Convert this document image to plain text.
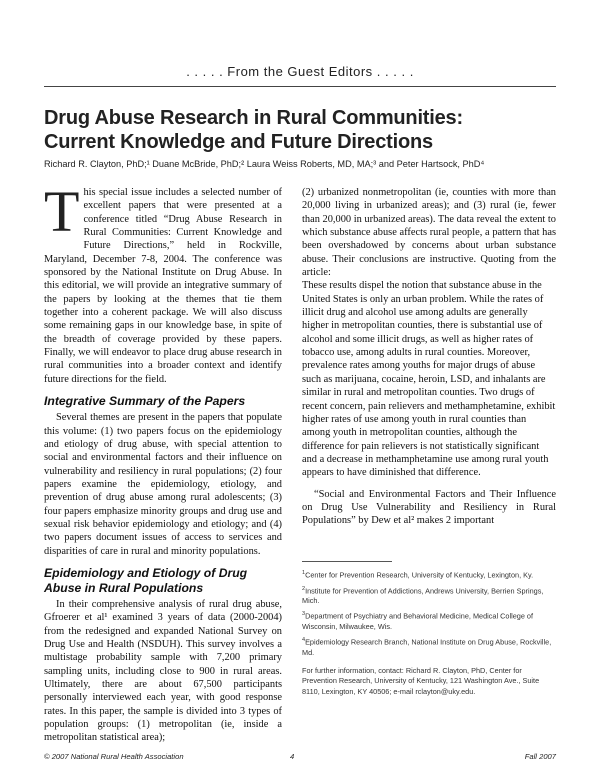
. . . . . From the Guest Editors . . . . .
Drug Abuse Research in Rural Communities:
Current Knowledge and Future Directions
Richard R. Clayton, PhD;¹ Duane McBride, PhD;² Laura Weiss Roberts, MD, MA;³ and Peter Hartsock, PhD⁴

This special issue includes a selected number of excellent papers that were presented at a conference titled “Drug Abuse Research in Rural Communities: Current Knowledge and Future Directions,” held in Rockville, Maryland, December 7-8, 2004. The conference was sponsored by the National Institute on Drug Abuse. In this editorial, we will provide an integrative summary of the papers by looking at the themes that tie them together into a coherent package. We will also discuss some remaining gaps in our knowledge base, in spite of the breadth of coverage provided by these papers. Finally, we will endeavor to place drug abuse research in rural communities into a broader context and identify future directions for the field.

Integrative Summary of the Papers

Several themes are present in the papers that populate this volume: (1) two papers focus on the epidemiology and etiology of drug abuse, with special attention to social and environmental factors and their influence on vulnerability and resiliency in rural populations; (2) four papers examine the epidemiology, etiology, and prevention of drug abuse among rural adolescents; (3) four papers emphasize minority groups and drug use and sexual risk behavior epidemiology and etiology; and (4) two papers document issues of access to services and disparities of care in rural and minority populations.

Epidemiology and Etiology of Drug Abuse in Rural Populations

In their comprehensive analysis of rural drug abuse, Gfroerer et al¹ examined 3 years of data (2000-2004) from the redesigned and expanded National Survey on Drug Use and Health (NSDUH). This survey involves a multistage probability sample with 7,200 primary sampling units, including close to 900 in rural areas. Ultimately, there are about 67,500 participants personally interviewed each year, with good response rates. In this paper, the sample is divided into 3 types of population groups: (1) metropolitan (ie, inside a metropolitan statistical area);

(2) urbanized nonmetropolitan (ie, counties with more than 20,000 living in urbanized areas); and (3) rural (ie, fewer than 20,000 in urbanized areas). The data reveal the extent to which substance abuse affects rural people, a pattern that has been overshadowed by concerns about urban substance abuse. Their conclusions are instructive. Quoting from the article:

These results dispel the notion that substance abuse in the United States is only an urban problem. While the rates of illicit drug and alcohol use among adults are generally higher in metropolitan counties, there is substantial use of alcohol and some illicit drugs, as well as higher rates of tobacco use, among adults in rural counties. Moreover, prevalence rates among youths for major drugs of abuse such as marijuana, cocaine, heroin, LSD, and inhalants are similar in rural and metropolitan counties. Two drugs of recent concern, pain relievers and methamphetamine, exhibit higher rates of use among youth in rural counties than among youth in metropolitan counties, although the difference for pain relievers is not statistically significant and a decrease in methamphetamine use among rural youth appears to have diminished that difference.

“Social and Environmental Factors and Their Influence on Drug Use Vulnerability and Resiliency in Rural Populations” by Dew et al² makes 2 important

$^1$Center for Prevention Research, University of Kentucky, Lexington, Ky.

$^2$Institute for Prevention of Addictions, Andrews University, Berrien Springs, Mich.

$^3$Department of Psychiatry and Behavioral Medicine, Medical College of Wisconsin, Milwaukee, Wis.

$^4$Epidemiology Research Branch, National Institute on Drug Abuse, Rockville, Md.

For further information, contact: Richard R. Clayton, PhD, Center for Prevention Research, University of Kentucky, 121 Washington Ave., Suite 8110, Lexington, KY 40506; e-mail rclayton@uky.edu.

© 2007 National Rural Health Association	4	Fall 2007
